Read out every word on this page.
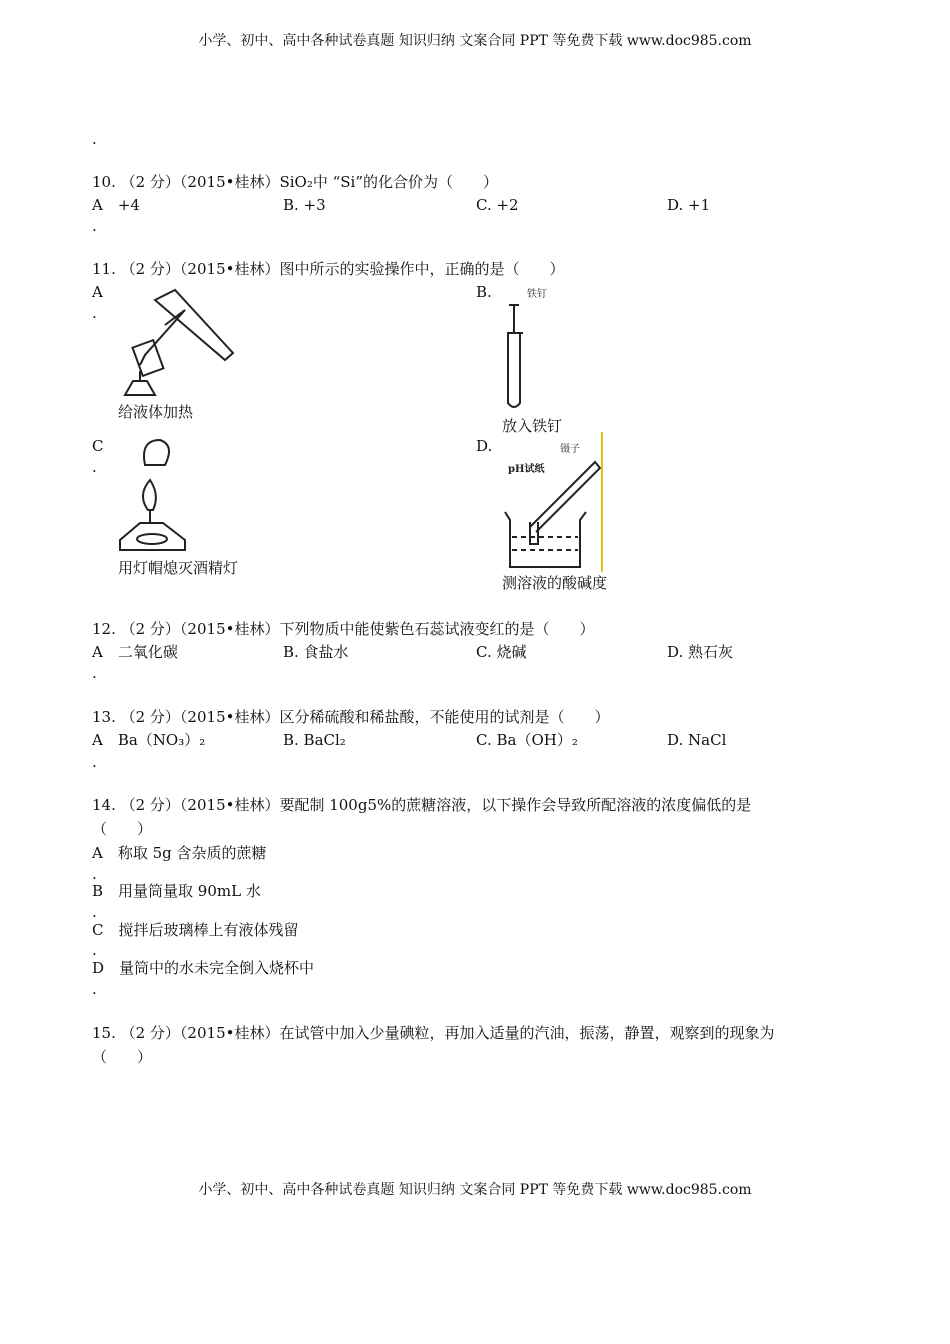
小学、初中、高中各种试卷真题 知识归纳 文案合同 PPT 等免费下载 www.doc985.com
.
10. （2 分）（2015•桂林）SiO₂中 “Si”的化合价为（　　）
A　+4	B. +3	C. +2	D. +1
.
11. （2 分）（2015•桂林）图中所示的实验操作中，正确的是（　　）
A
.
给液体加热
B.	铁钉
放入铁钉
C
.
用灯帽熄灭酒精灯
D.
pH试纸
镊子
测溶液的酸碱度
12. （2 分）（2015•桂林）下列物质中能使紫色石蕊试液变红的是（　　）
A　二氧化碳	B. 食盐水	C. 烧碱	D. 熟石灰
.
13. （2 分）（2015•桂林）区分稀硫酸和稀盐酸，不能使用的试剂是（　　）
A　Ba（NO₃）₂	B. BaCl₂	C. Ba（OH）₂	D. NaCl
.
14. （2 分）（2015•桂林）要配制 100g5%的蔗糖溶液，以下操作会导致所配溶液的浓度偏低的是
（　　）
A　称取 5g 含杂质的蔗糖
.
B　用量筒量取 90mL 水
.
C　搅拌后玻璃棒上有液体残留
.
D　量筒中的水未完全倒入烧杯中
.
15. （2 分）（2015•桂林）在试管中加入少量碘粒，再加入适量的汽油，振荡，静置，观察到的现象为
（　　）
小学、初中、高中各种试卷真题 知识归纳 文案合同 PPT 等免费下载 www.doc985.com
